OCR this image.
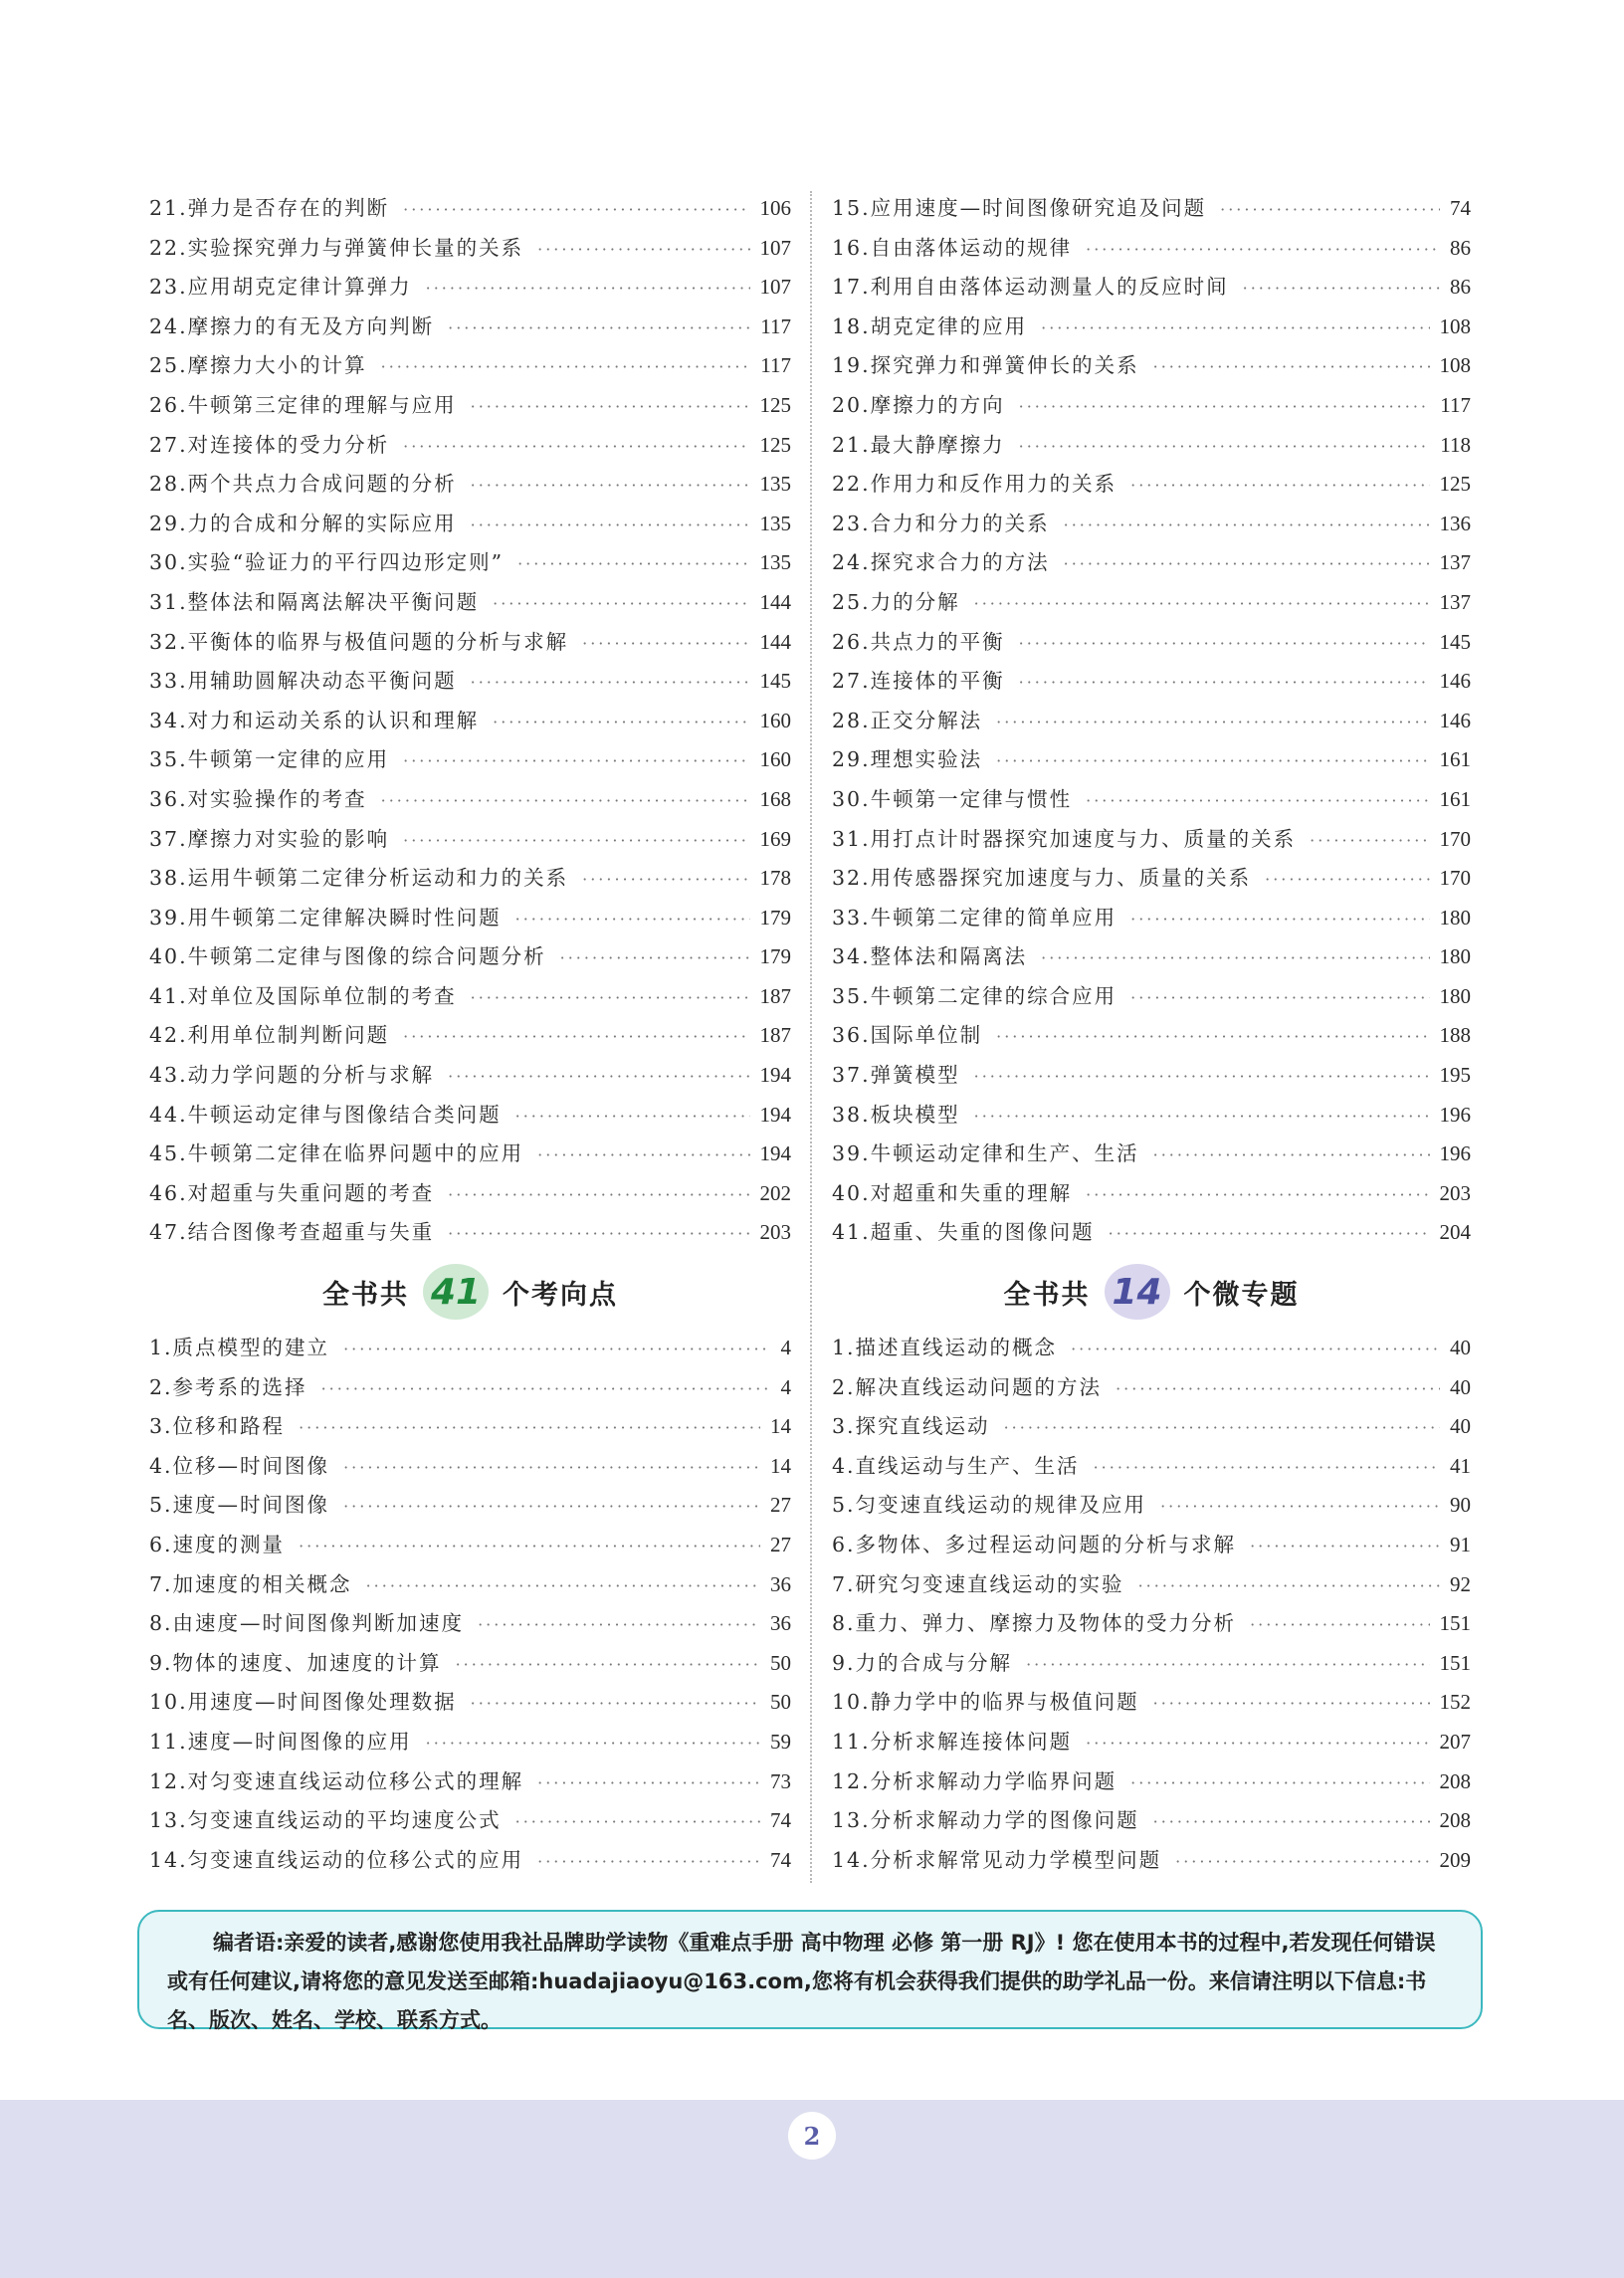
21.弹力是否存在的判断 ·····	106
22.实验探究弹力与弹簧伸长量的关系 ·····	107
23.应用胡克定律计算弹力 ·····	107
24.摩擦力的有无及方向判断 ·····	117
25.摩擦力大小的计算 ·····	117
26.牛顿第三定律的理解与应用 ·····	125
27.对连接体的受力分析 ·····	125
28.两个共点力合成问题的分析 ·····	135
29.力的合成和分解的实际应用 ·····	135
30.实验“验证力的平行四边形定则” ·····	135
31.整体法和隔离法解决平衡问题 ·····	144
32.平衡体的临界与极值问题的分析与求解 ·····	144
33.用辅助圆解决动态平衡问题 ·····	145
34.对力和运动关系的认识和理解 ·····	160
35.牛顿第一定律的应用 ·····	160
36.对实验操作的考查 ·····	168
37.摩擦力对实验的影响 ·····	169
38.运用牛顿第二定律分析运动和力的关系 ·····	178
39.用牛顿第二定律解决瞬时性问题 ·····	179
40.牛顿第二定律与图像的综合问题分析 ·····	179
41.对单位及国际单位制的考查 ·····	187
42.利用单位制判断问题 ·····	187
43.动力学问题的分析与求解 ·····	194
44.牛顿运动定律与图像结合类问题 ·····	194
45.牛顿第二定律在临界问题中的应用 ·····	194
46.对超重与失重问题的考查 ·····	202
47.结合图像考查超重与失重 ·····	203
全书共 41 个考向点
1.质点模型的建立 ·····	4
2.参考系的选择 ·····	4
3.位移和路程 ·····	14
4.位移—时间图像 ·····	14
5.速度—时间图像 ·····	27
6.速度的测量 ·····	27
7.加速度的相关概念 ·····	36
8.由速度—时间图像判断加速度 ·····	36
9.物体的速度、加速度的计算 ·····	50
10.用速度—时间图像处理数据 ·····	50
11.速度—时间图像的应用 ·····	59
12.对匀变速直线运动位移公式的理解 ·····	73
13.匀变速直线运动的平均速度公式 ·····	74
14.匀变速直线运动的位移公式的应用 ·····	74
15.应用速度—时间图像研究追及问题 ·····	74
16.自由落体运动的规律 ·····	86
17.利用自由落体运动测量人的反应时间 ·····	86
18.胡克定律的应用 ·····	108
19.探究弹力和弹簧伸长的关系 ·····	108
20.摩擦力的方向 ·····	117
21.最大静摩擦力 ·····	118
22.作用力和反作用力的关系 ·····	125
23.合力和分力的关系 ·····	136
24.探究求合力的方法 ·····	137
25.力的分解 ·····	137
26.共点力的平衡 ·····	145
27.连接体的平衡 ·····	146
28.正交分解法 ·····	146
29.理想实验法 ·····	161
30.牛顿第一定律与惯性 ·····	161
31.用打点计时器探究加速度与力、质量的关系 ·····	170
32.用传感器探究加速度与力、质量的关系 ·····	170
33.牛顿第二定律的简单应用 ·····	180
34.整体法和隔离法 ·····	180
35.牛顿第二定律的综合应用 ·····	180
36.国际单位制 ·····	188
37.弹簧模型 ·····	195
38.板块模型 ·····	196
39.牛顿运动定律和生产、生活 ·····	196
40.对超重和失重的理解 ·····	203
41.超重、失重的图像问题 ·····	204
全书共 14 个微专题
1.描述直线运动的概念 ·····	40
2.解决直线运动问题的方法 ·····	40
3.探究直线运动 ·····	40
4.直线运动与生产、生活 ·····	41
5.匀变速直线运动的规律及应用 ·····	90
6.多物体、多过程运动问题的分析与求解 ·····	91
7.研究匀变速直线运动的实验 ·····	92
8.重力、弹力、摩擦力及物体的受力分析 ·····	151
9.力的合成与分解 ·····	151
10.静力学中的临界与极值问题 ·····	152
11.分析求解连接体问题 ·····	207
12.分析求解动力学临界问题 ·····	208
13.分析求解动力学的图像问题 ·····	208
14.分析求解常见动力学模型问题 ·····	209

编者语:亲爱的读者,感谢您使用我社品牌助学读物《重难点手册 高中物理 必修 第一册 RJ》! 您在使用本书的过程中,若发现任何错误或有任何建议,请将您的意见发送至邮箱:huadajiaoyu@163.com,您将有机会获得我们提供的助学礼品一份。来信请注明以下信息:书名、版次、姓名、学校、联系方式。

2
